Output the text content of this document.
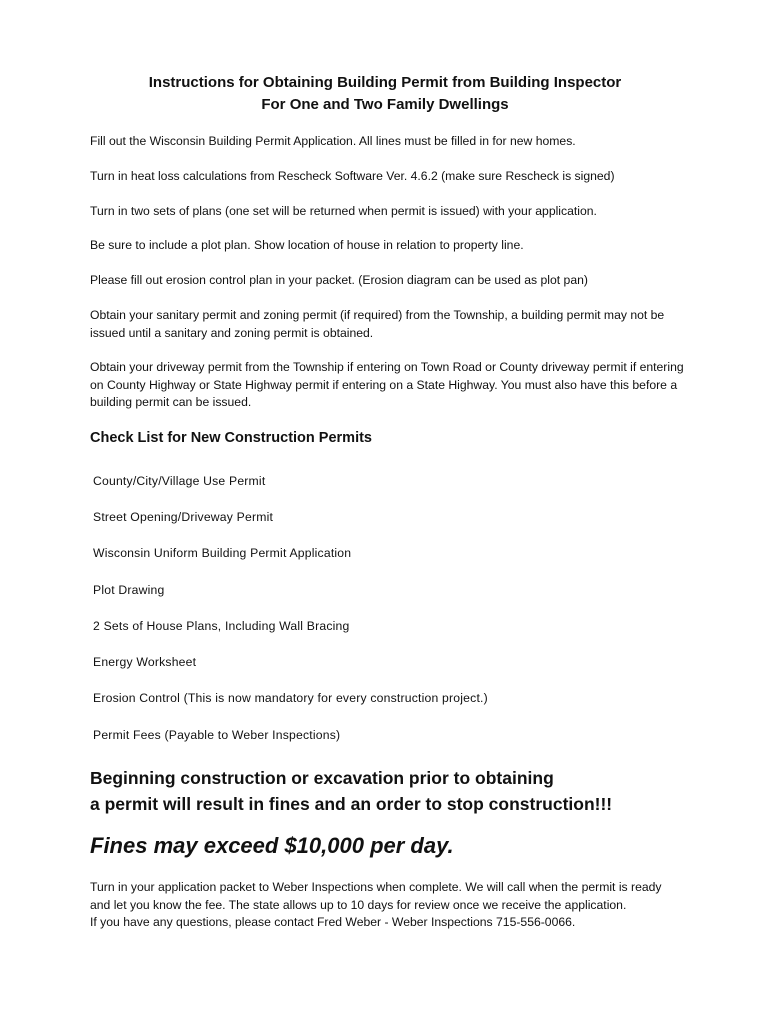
Instructions for Obtaining Building Permit from Building Inspector
For One and Two Family Dwellings
Fill out the Wisconsin Building Permit Application. All lines must be filled in for new homes.
Turn in heat loss calculations from Rescheck Software Ver. 4.6.2 (make sure Rescheck is signed)
Turn in two sets of plans (one set will be returned when permit is issued) with your application.
Be sure to include a plot plan. Show location of house in relation to property line.
Please fill out erosion control plan in your packet. (Erosion diagram can be used as plot pan)
Obtain your sanitary permit and zoning permit (if required) from the Township, a building permit may not be issued until a sanitary and zoning permit is obtained.
Obtain your driveway permit from the Township if entering on Town Road or County driveway permit if entering on County Highway or State Highway permit if entering on a State Highway. You must also have this before a building permit can be issued.
Check List for New Construction Permits
County/City/Village Use Permit
Street Opening/Driveway Permit
Wisconsin Uniform Building Permit Application
Plot Drawing
2 Sets of House Plans, Including Wall Bracing
Energy Worksheet
Erosion Control (This is now mandatory for every construction project.)
Permit Fees (Payable to Weber Inspections)
Beginning construction or excavation prior to obtaining
a permit will result in fines and an order to stop construction!!!
Fines may exceed $10,000 per day.
Turn in your application packet to Weber Inspections when complete. We will call when the permit is ready and let you know the fee. The state allows up to 10 days for review once we receive the application.
If you have any questions, please contact Fred Weber - Weber Inspections 715-556-0066.
